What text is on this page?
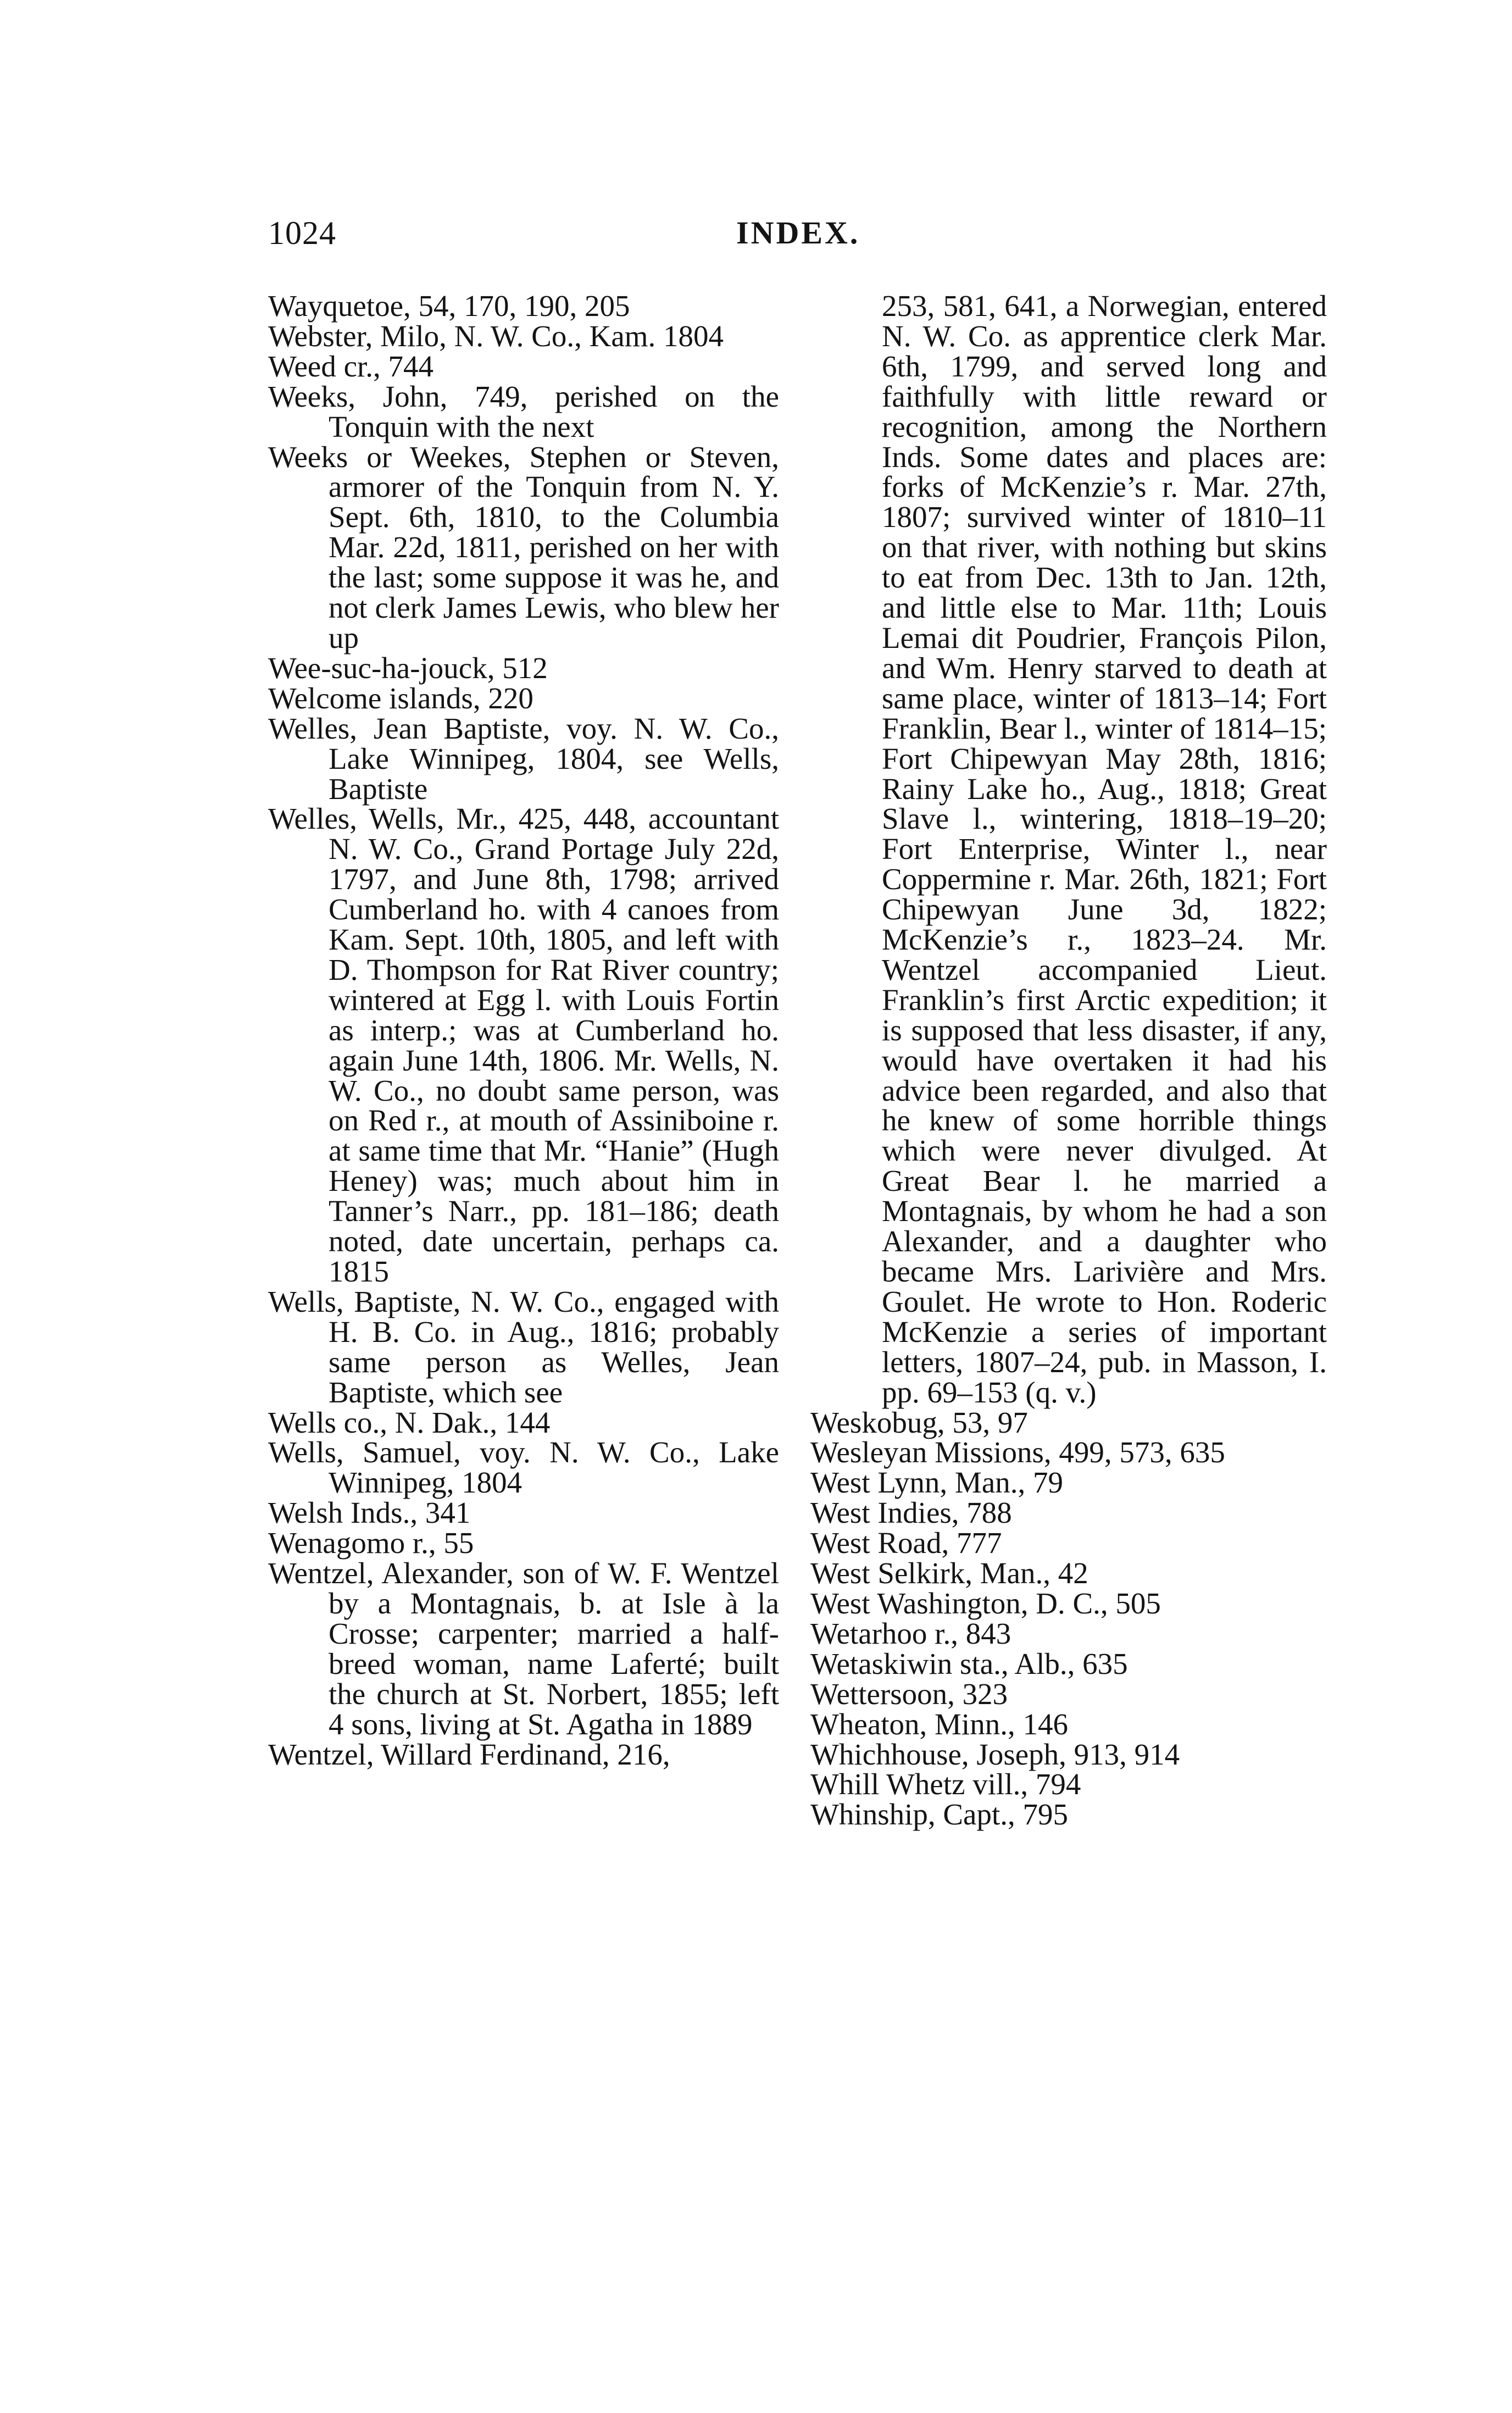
1024	INDEX.

Wayquetoe, 54, 170, 190, 205

Webster, Milo, N. W. Co., Kam. 1804

Weed cr., 744

Weeks, John, 749, perished on the Tonquin with the next

Weeks or Weekes, Stephen or Steven, armorer of the Tonquin from N. Y. Sept. 6th, 1810, to the Columbia Mar. 22d, 1811, perished on her with the last; some suppose it was he, and not clerk James Lewis, who blew her up

Wee-suc-ha-jouck, 512

Welcome islands, 220

Welles, Jean Baptiste, voy. N. W. Co., Lake Winnipeg, 1804, see Wells, Baptiste

Welles, Wells, Mr., 425, 448, accountant N. W. Co., Grand Portage July 22d, 1797, and June 8th, 1798; arrived Cumberland ho. with 4 canoes from Kam. Sept. 10th, 1805, and left with D. Thompson for Rat River country; wintered at Egg l. with Louis Fortin as interp.; was at Cumberland ho. again June 14th, 1806. Mr. Wells, N. W. Co., no doubt same person, was on Red r., at mouth of Assiniboine r. at same time that Mr. “Hanie” (Hugh Heney) was; much about him in Tanner’s Narr., pp. 181–186; death noted, date uncertain, perhaps ca. 1815

Wells, Baptiste, N. W. Co., engaged with H. B. Co. in Aug., 1816; probably same person as Welles, Jean Baptiste, which see

Wells co., N. Dak., 144

Wells, Samuel, voy. N. W. Co., Lake Winnipeg, 1804

Welsh Inds., 341

Wenagomo r., 55

Wentzel, Alexander, son of W. F. Wentzel by a Montagnais, b. at Isle à la Crosse; carpenter; married a half-breed woman, name Laferté; built the church at St. Norbert, 1855; left 4 sons, living at St. Agatha in 1889

Wentzel, Willard Ferdinand, 216,

253, 581, 641, a Norwegian, entered N. W. Co. as apprentice clerk Mar. 6th, 1799, and served long and faithfully with little reward or recognition, among the Northern Inds. Some dates and places are: forks of McKenzie’s r. Mar. 27th, 1807; survived winter of 1810–11 on that river, with nothing but skins to eat from Dec. 13th to Jan. 12th, and little else to Mar. 11th; Louis Lemai dit Poudrier, François Pilon, and Wm. Henry starved to death at same place, winter of 1813–14; Fort Franklin, Bear l., winter of 1814–15; Fort Chipewyan May 28th, 1816; Rainy Lake ho., Aug., 1818; Great Slave l., wintering, 1818–19–20; Fort Enterprise, Winter l., near Coppermine r. Mar. 26th, 1821; Fort Chipewyan June 3d, 1822; McKenzie’s r., 1823–24. Mr. Wentzel accompanied Lieut. Franklin’s first Arctic expedition; it is supposed that less disaster, if any, would have overtaken it had his advice been regarded, and also that he knew of some horrible things which were never divulged. At Great Bear l. he married a Montagnais, by whom he had a son Alexander, and a daughter who became Mrs. Larivière and Mrs. Goulet. He wrote to Hon. Roderic McKenzie a series of important letters, 1807–24, pub. in Masson, I. pp. 69–153 (q. v.)

Weskobug, 53, 97

Wesleyan Missions, 499, 573, 635

West Lynn, Man., 79

West Indies, 788

West Road, 777

West Selkirk, Man., 42

West Washington, D. C., 505

Wetarhoo r., 843

Wetaskiwin sta., Alb., 635

Wettersoon, 323

Wheaton, Minn., 146

Whichhouse, Joseph, 913, 914

Whill Whetz vill., 794

Whinship, Capt., 795
